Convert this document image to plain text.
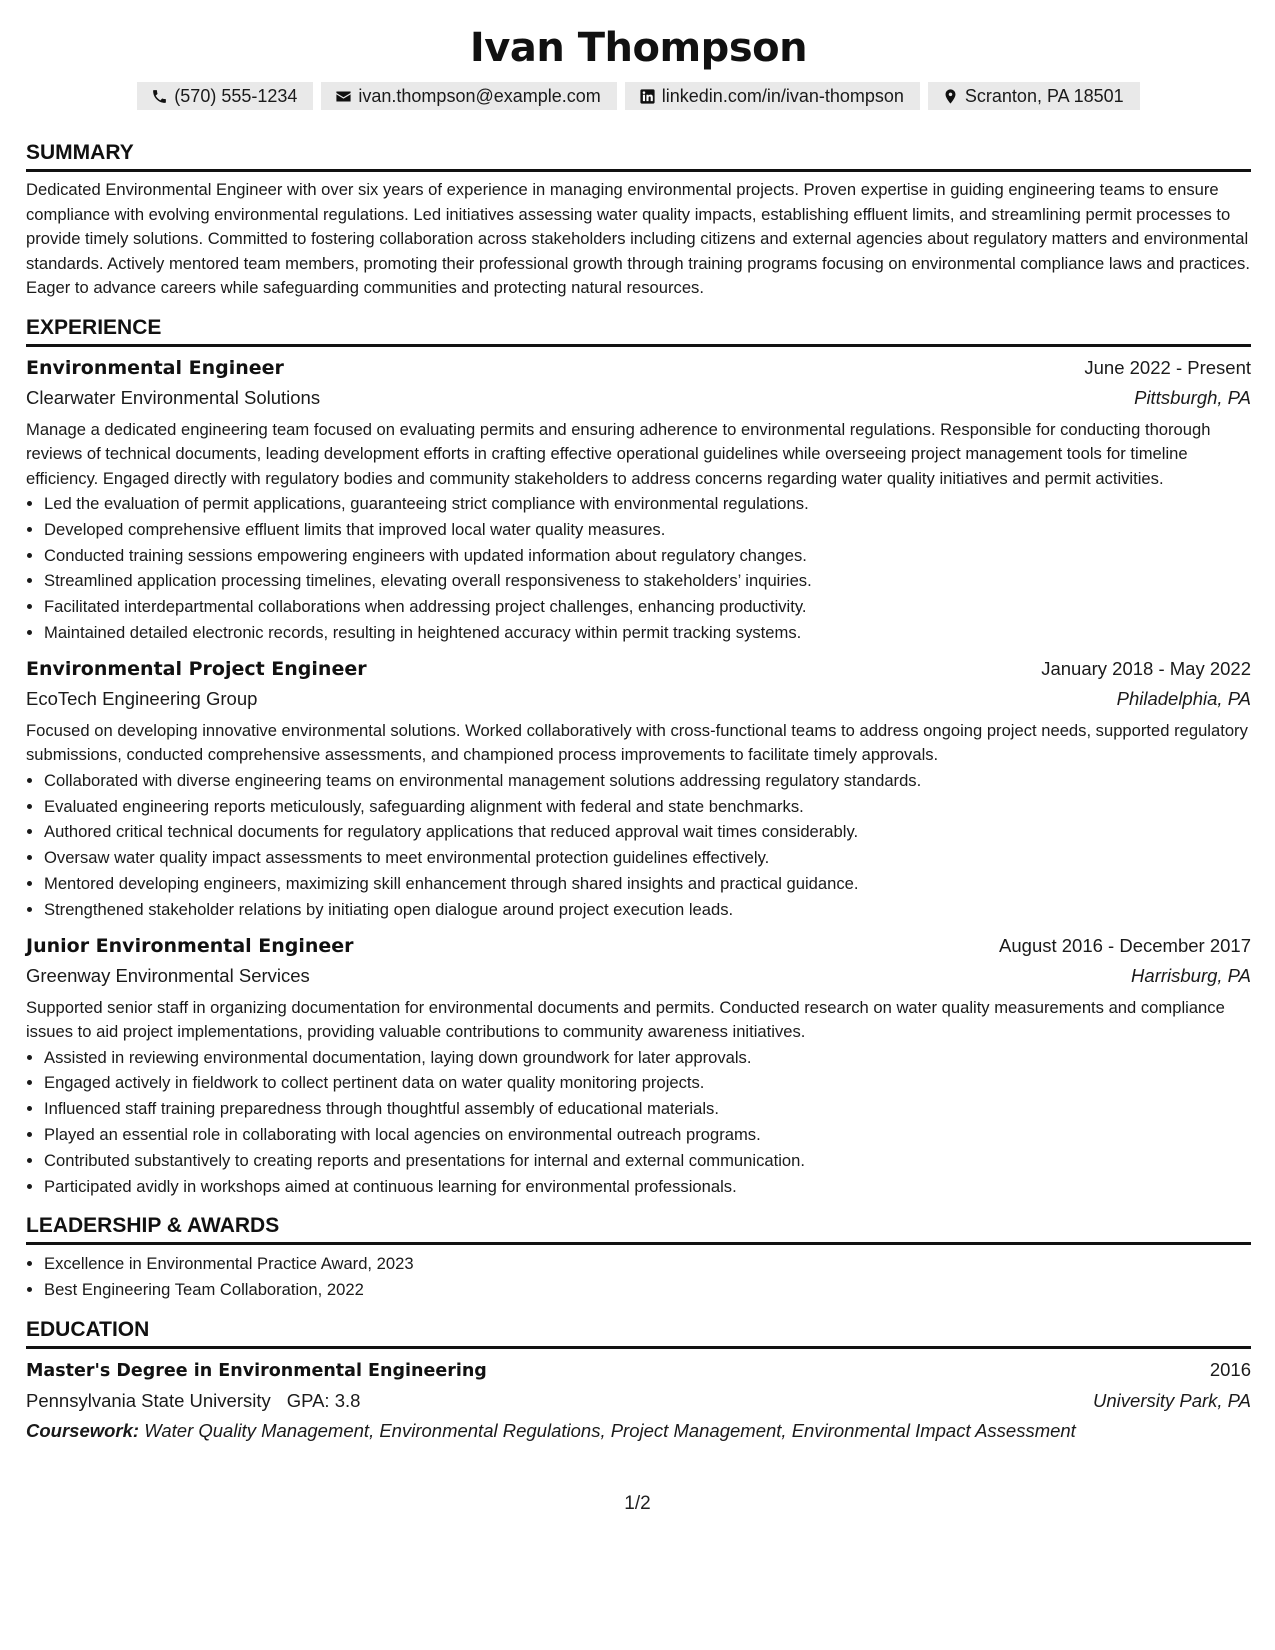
Ivan Thompson
(570) 555-1234	ivan.thompson@example.com	linkedin.com/in/ivan-thompson	Scranton, PA 18501
SUMMARY

Dedicated Environmental Engineer with over six years of experience in managing environmental projects. Proven expertise in guiding engineering teams to ensure compliance with evolving environmental regulations. Led initiatives assessing water quality impacts, establishing effluent limits, and streamlining permit processes to provide timely solutions. Committed to fostering collaboration across stakeholders including citizens and external agencies about regulatory matters and environmental standards. Actively mentored team members, promoting their professional growth through training programs focusing on environmental compliance laws and practices. Eager to advance careers while safeguarding communities and protecting natural resources.

EXPERIENCE
Environmental Engineer	June 2022 - Present
Clearwater Environmental Solutions	Pittsburgh, PA

Manage a dedicated engineering team focused on evaluating permits and ensuring adherence to environmental regulations. Responsible for conducting thorough reviews of technical documents, leading development efforts in crafting effective operational guidelines while overseeing project management tools for timeline efficiency. Engaged directly with regulatory bodies and community stakeholders to address concerns regarding water quality initiatives and permit activities.

• Led the evaluation of permit applications, guaranteeing strict compliance with environmental regulations.
• Developed comprehensive effluent limits that improved local water quality measures.
• Conducted training sessions empowering engineers with updated information about regulatory changes.
• Streamlined application processing timelines, elevating overall responsiveness to stakeholders’ inquiries.
• Facilitated interdepartmental collaborations when addressing project challenges, enhancing productivity.
• Maintained detailed electronic records, resulting in heightened accuracy within permit tracking systems.
Environmental Project Engineer	January 2018 - May 2022
EcoTech Engineering Group	Philadelphia, PA

Focused on developing innovative environmental solutions. Worked collaboratively with cross-functional teams to address ongoing project needs, supported regulatory submissions, conducted comprehensive assessments, and championed process improvements to facilitate timely approvals.

• Collaborated with diverse engineering teams on environmental management solutions addressing regulatory standards.
• Evaluated engineering reports meticulously, safeguarding alignment with federal and state benchmarks.
• Authored critical technical documents for regulatory applications that reduced approval wait times considerably.
• Oversaw water quality impact assessments to meet environmental protection guidelines effectively.
• Mentored developing engineers, maximizing skill enhancement through shared insights and practical guidance.
• Strengthened stakeholder relations by initiating open dialogue around project execution leads.
Junior Environmental Engineer	August 2016 - December 2017
Greenway Environmental Services	Harrisburg, PA

Supported senior staff in organizing documentation for environmental documents and permits. Conducted research on water quality measurements and compliance issues to aid project implementations, providing valuable contributions to community awareness initiatives.

• Assisted in reviewing environmental documentation, laying down groundwork for later approvals.
• Engaged actively in fieldwork to collect pertinent data on water quality monitoring projects.
• Influenced staff training preparedness through thoughtful assembly of educational materials.
• Played an essential role in collaborating with local agencies on environmental outreach programs.
• Contributed substantively to creating reports and presentations for internal and external communication.
• Participated avidly in workshops aimed at continuous learning for environmental professionals.
LEADERSHIP & AWARDS
• Excellence in Environmental Practice Award, 2023
• Best Engineering Team Collaboration, 2022
EDUCATION
Master's Degree in Environmental Engineering	2016
Pennsylvania State University GPA: 3.8	University Park, PA
Coursework: Water Quality Management, Environmental Regulations, Project Management, Environmental Impact Assessment
1/2
